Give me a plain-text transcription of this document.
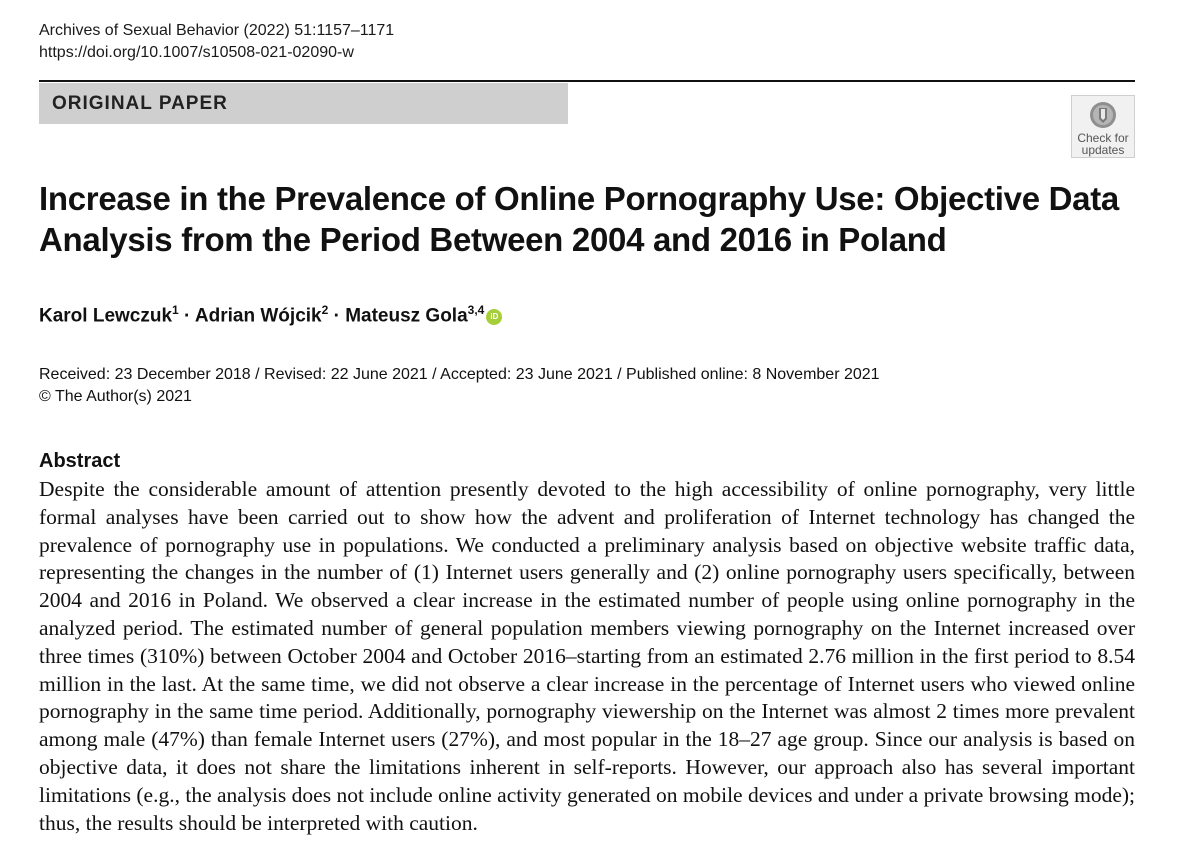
Archives of Sexual Behavior (2022) 51:1157–1171
https://doi.org/10.1007/s10508-021-02090-w
ORIGINAL PAPER
Check for
updates
Increase in the Prevalence of Online Pornography Use: Objective Data
Analysis from the Period Between 2004 and 2016 in Poland
Karol Lewczuk$^1$ · Adrian Wójcik$^2$ · Mateusz Gola$^{3,4}$ iD
Received: 23 December 2018 / Revised: 22 June 2021 / Accepted: 23 June 2021 / Published online: 8 November 2021
© The Author(s) 2021
Abstract
Despite the considerable amount of attention presently devoted to the high accessibility of online pornography, very little formal analyses have been carried out to show how the advent and proliferation of Internet technology has changed the prevalence of pornography use in populations. We conducted a preliminary analysis based on objective website traffic data, representing the changes in the number of (1) Internet users generally and (2) online pornography users specifically, between 2004 and 2016 in Poland. We observed a clear increase in the estimated number of people using online pornography in the analyzed period. The estimated number of general population members viewing pornography on the Internet increased over three times (310%) between October 2004 and October 2016–starting from an estimated 2.76 million in the first period to 8.54 million in the last. At the same time, we did not observe a clear increase in the percentage of Internet users who viewed online pornography in the same time period. Additionally, pornography viewership on the Internet was almost 2 times more prevalent among male (47%) than female Internet users (27%), and most popular in the 18–27 age group. Since our analysis is based on objective data, it does not share the limitations inherent in self-reports. However, our approach also has several important limitations (e.g., the analysis does not include online activity generated on mobile devices and under a private browsing mode); thus, the results should be interpreted with caution.
